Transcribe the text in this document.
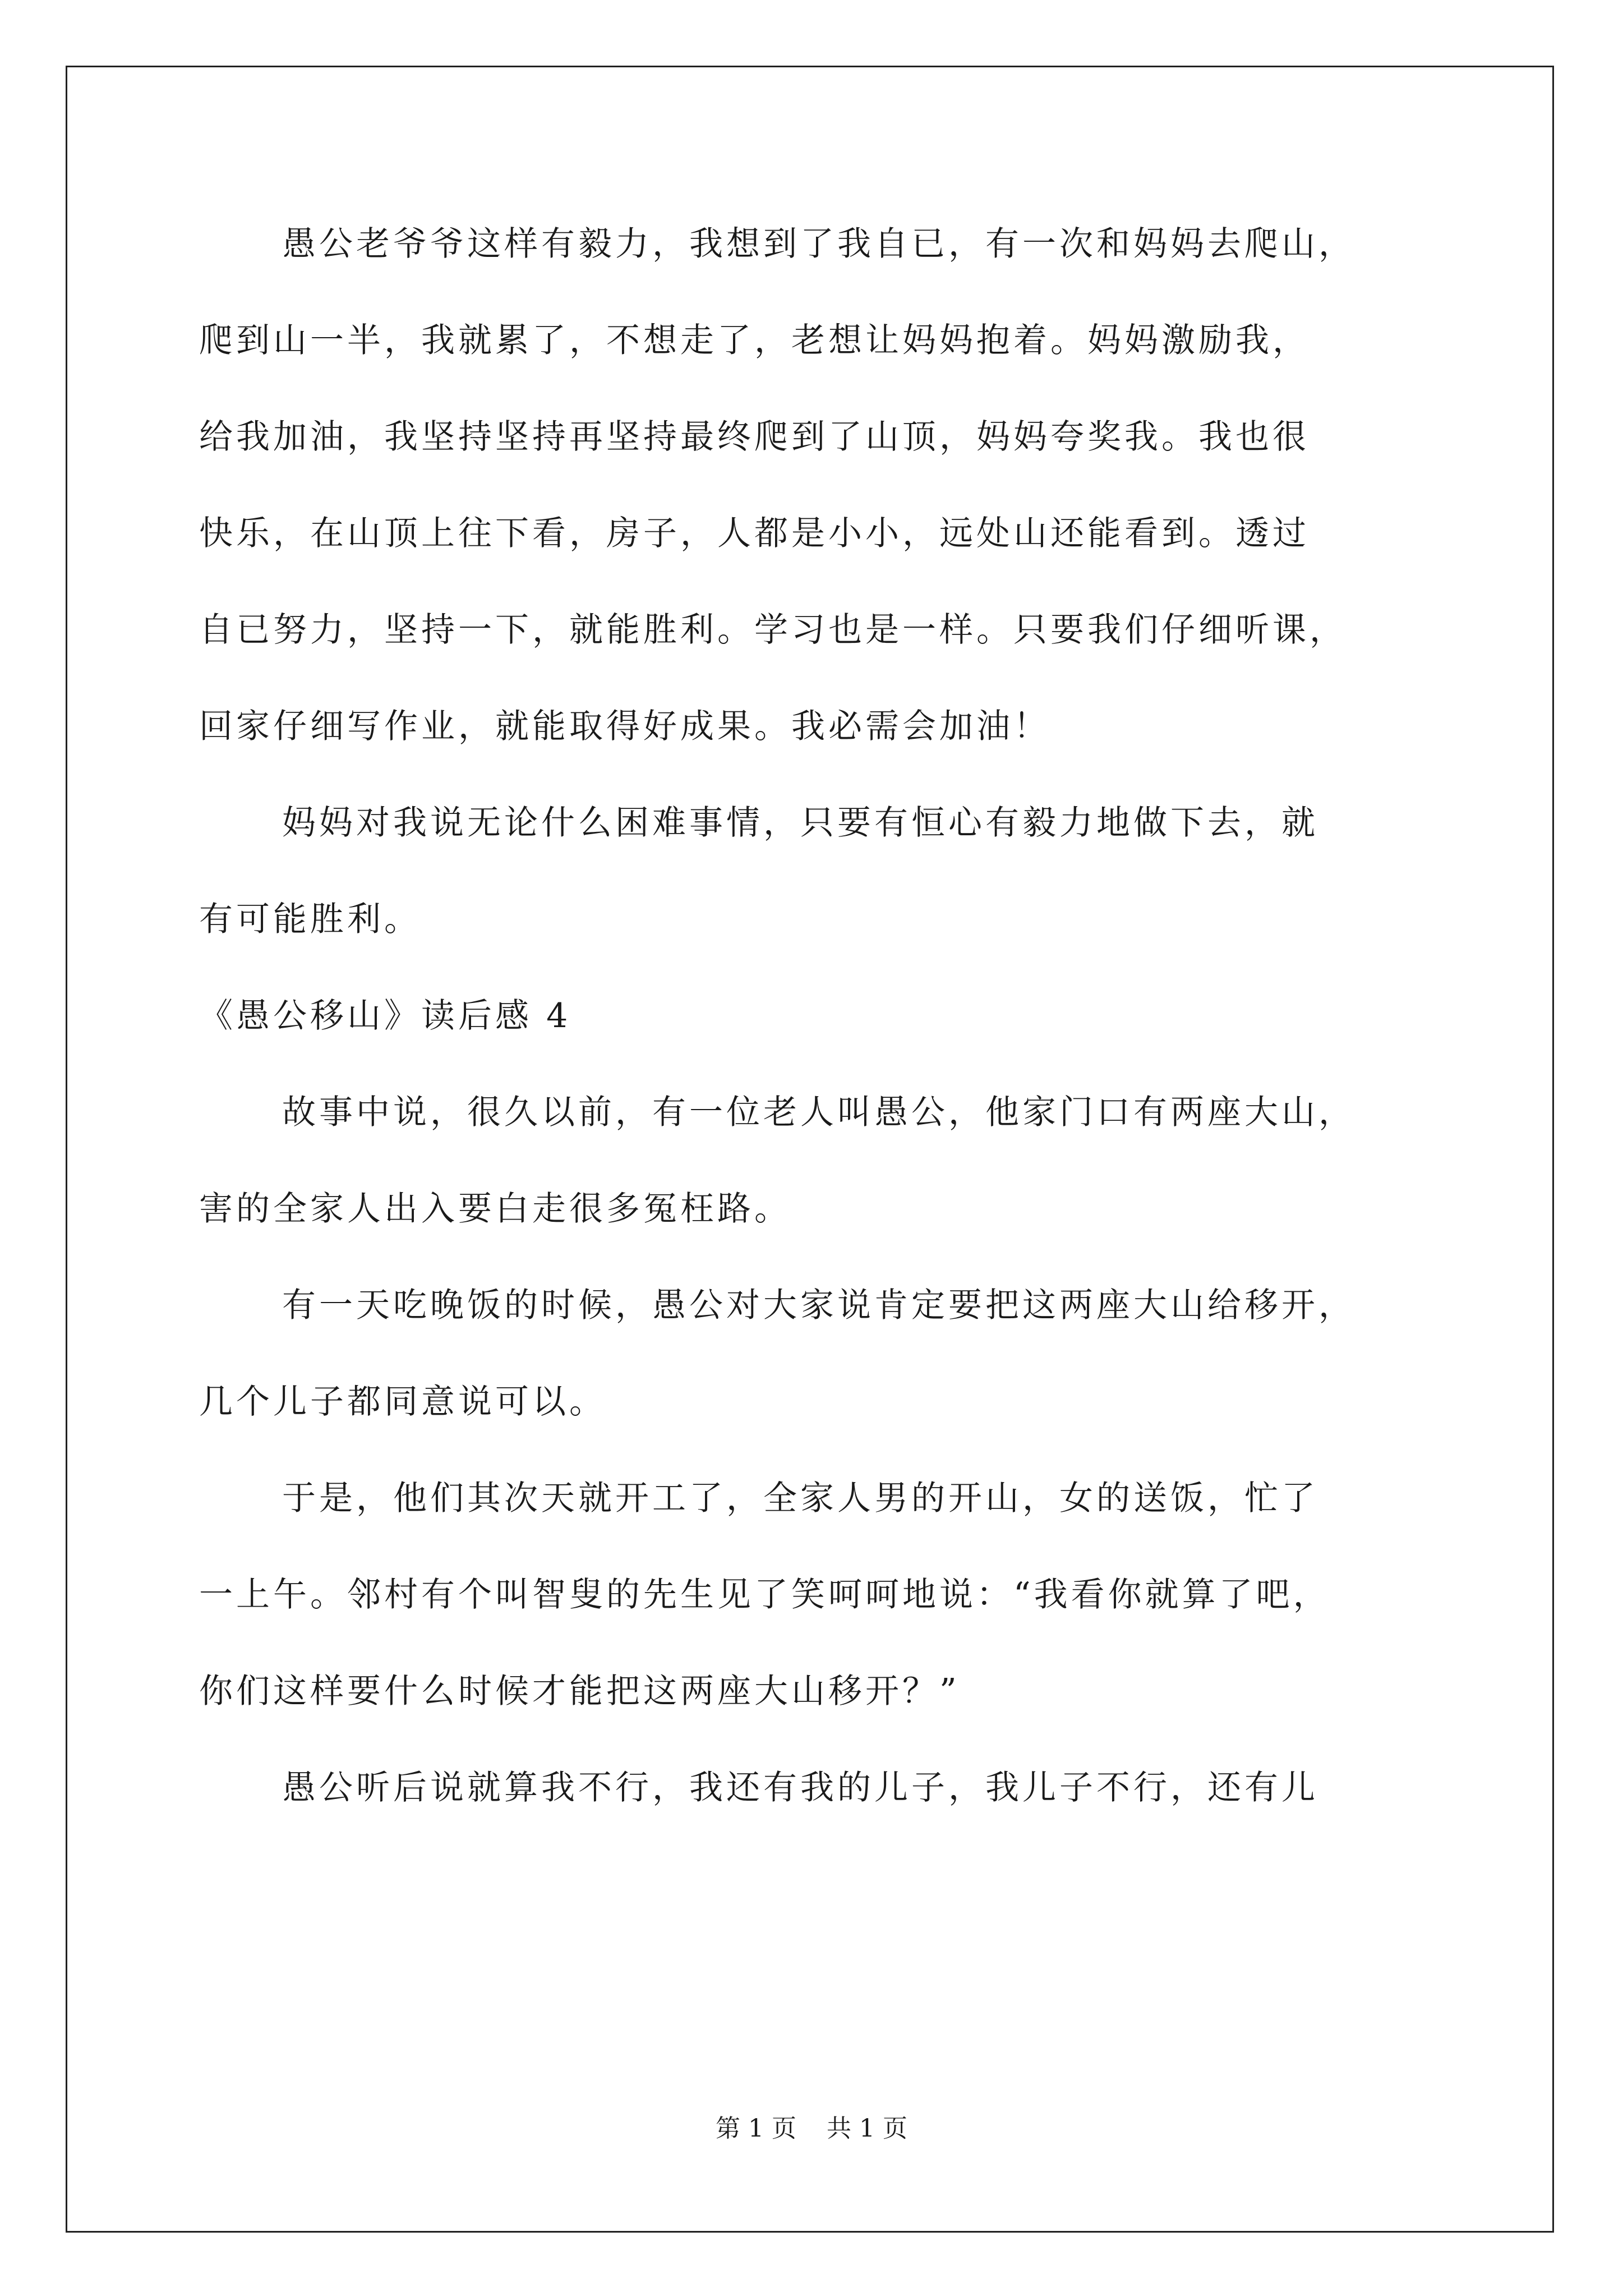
愚公老爷爷这样有毅力，我想到了我自已，有一次和妈妈去爬山，
爬到山一半，我就累了，不想走了，老想让妈妈抱着。妈妈激励我，
给我加油，我坚持坚持再坚持最终爬到了山顶，妈妈夸奖我。我也很
快乐，在山顶上往下看，房子，人都是小小，远处山还能看到。透过
自已努力，坚持一下，就能胜利。学习也是一样。只要我们仔细听课，
回家仔细写作业，就能取得好成果。我必需会加油！
妈妈对我说无论什么困难事情，只要有恒心有毅力地做下去，就
有可能胜利。
《愚公移山》读后感 4
故事中说，很久以前，有一位老人叫愚公，他家门口有两座大山，
害的全家人出入要白走很多冤枉路。
有一天吃晚饭的时候，愚公对大家说肯定要把这两座大山给移开，
几个儿子都同意说可以。
于是，他们其次天就开工了，全家人男的开山，女的送饭，忙了
一上午。邻村有个叫智叟的先生见了笑呵呵地说：“我看你就算了吧，
你们这样要什么时候才能把这两座大山移开？”
愚公听后说就算我不行，我还有我的儿子，我儿子不行，还有儿
第 1 页 共 1 页
